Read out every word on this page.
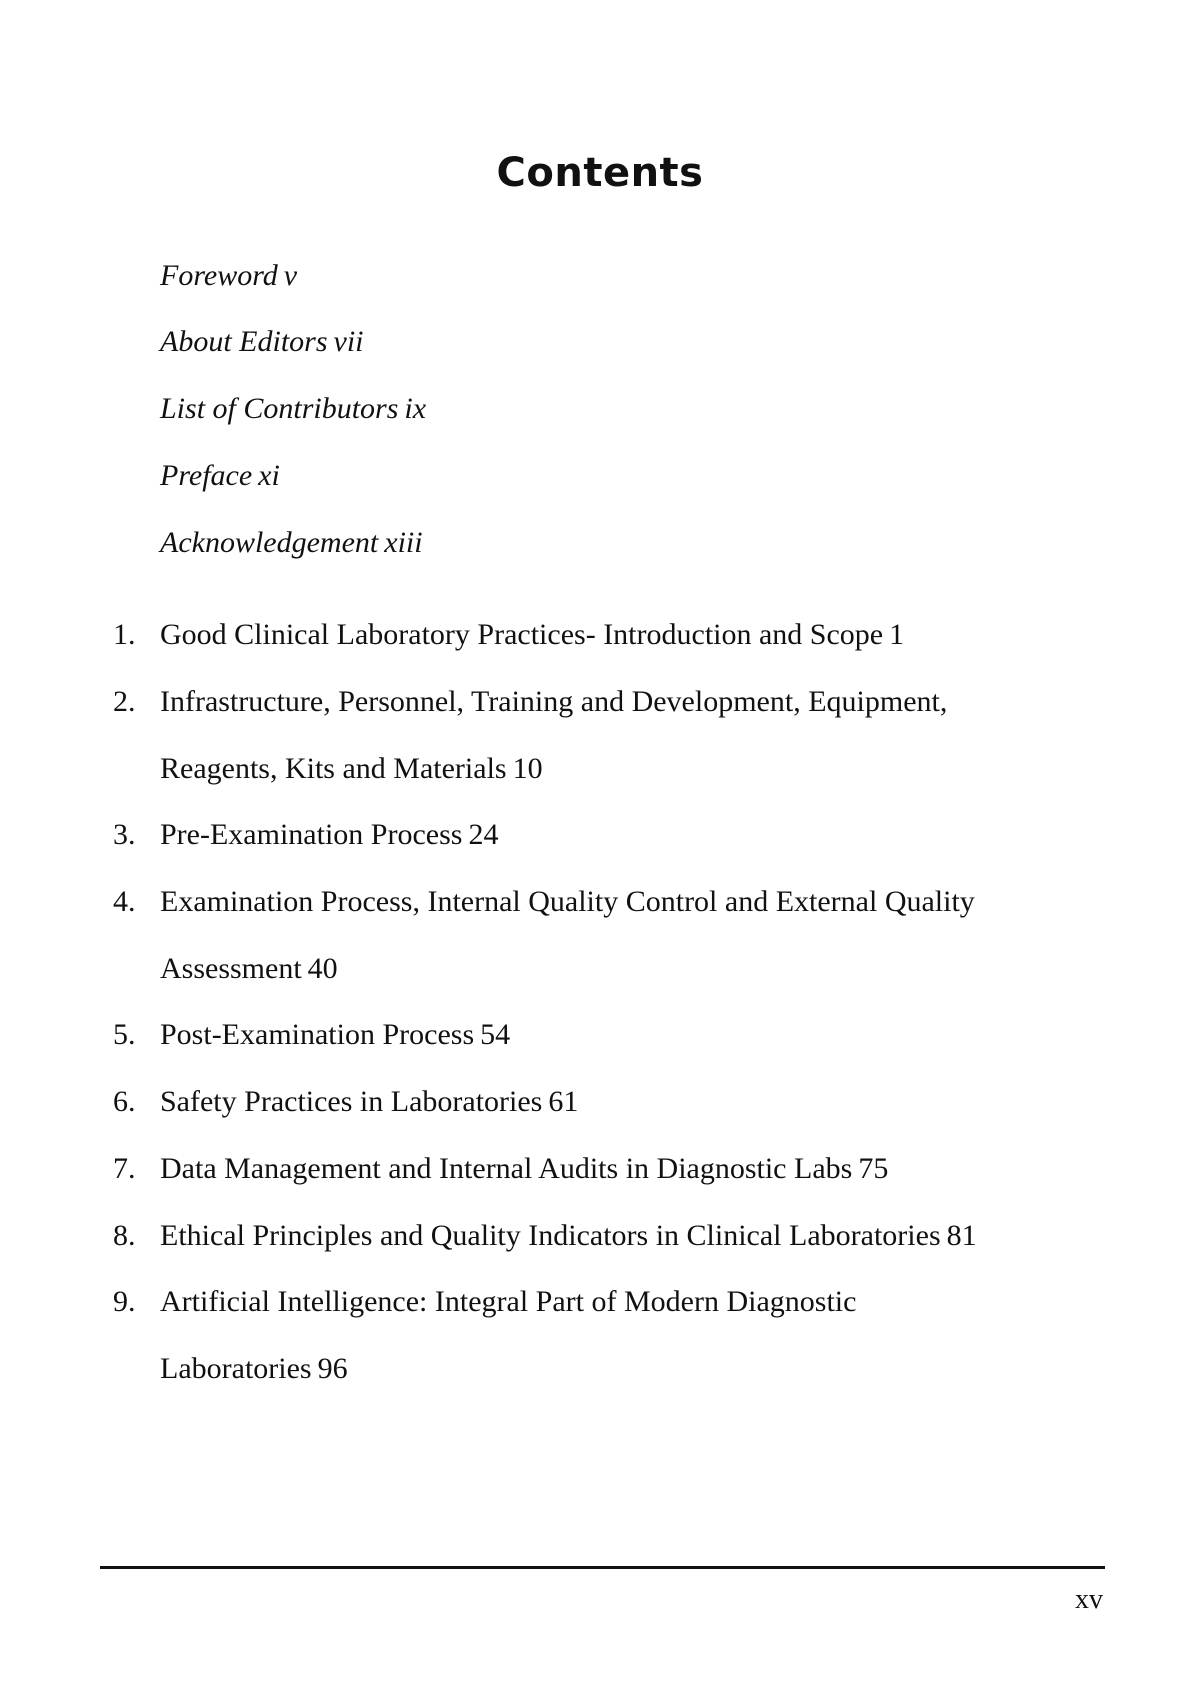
Contents
Foreword v
About Editors vii
List of Contributors ix
Preface xi
Acknowledgement xiii
1. Good Clinical Laboratory Practices- Introduction and Scope 1
2. Infrastructure, Personnel, Training and Development, Equipment,
Reagents, Kits and Materials 10
3. Pre-Examination Process 24
4. Examination Process, Internal Quality Control and External Quality
Assessment 40
5. Post-Examination Process 54
6. Safety Practices in Laboratories 61
7. Data Management and Internal Audits in Diagnostic Labs 75
8. Ethical Principles and Quality Indicators in Clinical Laboratories 81
9. Artificial Intelligence: Integral Part of Modern Diagnostic
Laboratories 96
xv
